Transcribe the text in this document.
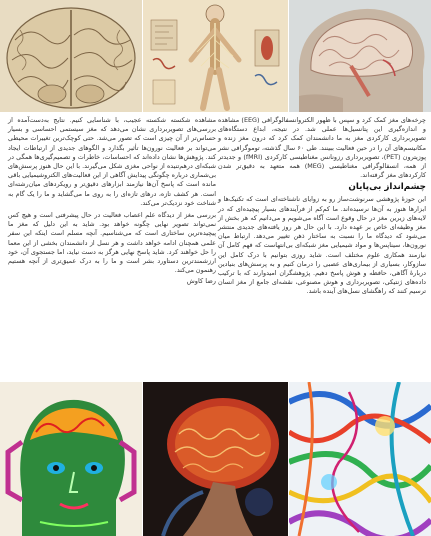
چرخه‌های مغز کمک کرد و سپس با ظهور الکتروانسفالوگرافی (EEG) مشاهده و اندازه‌گیری این پتانسیل‌ها عملی شد. در نتیجه، ابداع دستگاه‌های تصویربرداری کارکردی مغز به ما دانشمندان کمک کرد که درون مغز زنده و مکانیسم‌های آن را در حین فعالیت ببینند. طی ۶۰ سال گذشته، توموگرافی نشر پوزیترون (PET)، تصویربرداری رزونانس مغناطیسی کارکردی (fMRI) و جدیدتر از همه، انسفالوگرافی مغناطیسی (MEG) همه متعهد به دقیق‌تر شدن کارکردهای مغز گرفته‌اند.

چشم‌انداز بی‌پایان

این حوزهٔ پژوهشی سرنوشت‌ساز رو به زوایای ناشناخته‌ای است که تکنیک‌ها و ابزارها هنوز به آن‌ها نرسیده‌اند. ما کم‌کم از فرآیندهای بسیار پیچیده‌ای که در لایه‌های زیرین مغز در حال وقوع است آگاه می‌شویم و می‌دانیم که هر بخش از مغز وظیفه‌ای خاص بر عهده دارد. با این حال هر روز یافته‌های جدیدی منتشر می‌شود که دیدگاه ما را نسبت به ساختار ذهن تغییر می‌دهد. ارتباط میان نورون‌ها، سیناپس‌ها و مواد شیمیایی مغز شبکه‌ای بی‌انتهاست که فهم کامل آن نیازمند همکاری علوم مختلف است. شاید روزی بتوانیم با درک کامل این سازوکار، بسیاری از بیماری‌های عصبی را درمان کنیم و به پرسش‌های بنیادین دربارهٔ آگاهی، حافظه و هوش پاسخ دهیم. پژوهشگران امیدوارند که با ترکیب داده‌های ژنتیکی، تصویربرداری و هوش مصنوعی، نقشه‌ای جامع از مغز انسان ترسیم کنند که راهگشای نسل‌های آینده باشد.

مشاهده شکسته شکسته عجیب، با شناسایی کنیم. نتایج به‌دست‌آمده از بررسی‌های تصویربرداری نشان می‌دهد که مغز سیستمی احساسی و بسیار حساس‌تر از آن چیزی است که تصور می‌شد. حتی کوچک‌ترین تغییرات محیطی می‌تواند بر فعالیت نورون‌ها تأثیر بگذارد و الگوهای جدیدی از ارتباطات ایجاد کند. پژوهش‌ها نشان داده‌اند که احساسات، خاطرات و تصمیم‌گیری‌ها همگی در شبکه‌ای درهم‌تنیده از نواحی مغزی شکل می‌گیرند. با این حال هنوز پرسش‌های بی‌شماری درباره چگونگی پیدایش آگاهی از این فعالیت‌های الکتروشیمیایی باقی مانده است که پاسخ آن‌ها نیازمند ابزارهای دقیق‌تر و رویکردهای میان‌رشته‌ای است. هر کشف تازه، درهای تازه‌ای را به روی ما می‌گشاید و ما را یک گام به شناخت خود نزدیک‌تر می‌کند.

بررسی مغز از دیدگاه علم اعصاب فعالیت در حال پیشرفتی است و هیچ کس نمی‌تواند تصویر نهایی چگونه خواهد بود. شاید به این دلیل که مغز ما پیچیده‌ترین ساختاری است که می‌شناسیم. آنچه مسلم است اینکه این سفر علمی همچنان ادامه خواهد داشت و هر نسل از دانشمندان بخشی از این معما را حل خواهند کرد. شاید پاسخ نهایی هرگز به دست نیاید، اما جستجوی آن، خود ارزشمندترین دستاورد بشر است و ما را به درک عمیق‌تری از آنچه هستیم رهنمون می‌کند.

رضا کاوش
